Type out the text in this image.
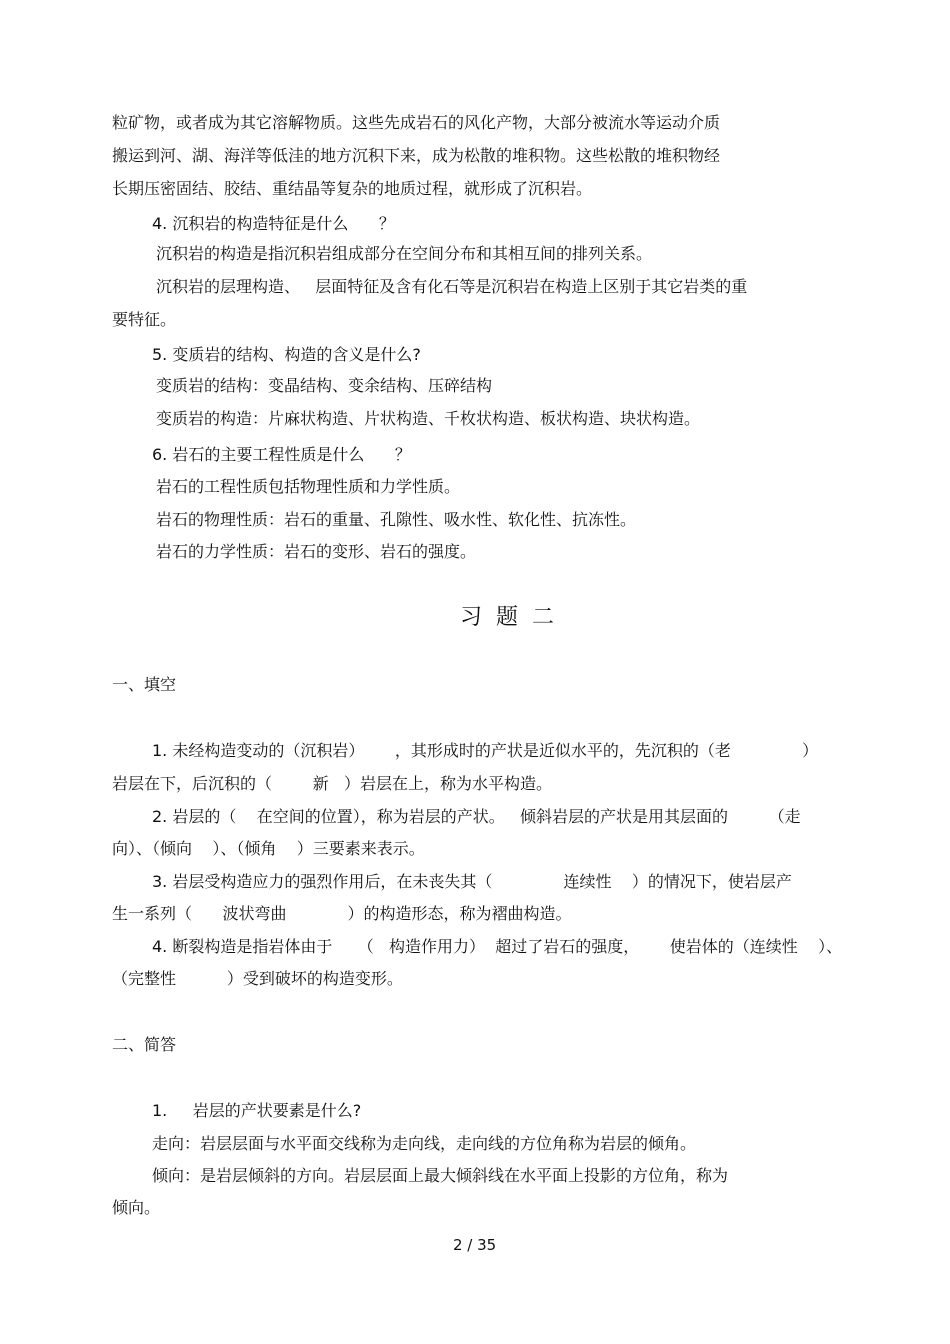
粒矿物，或者成为其它溶解物质。这些先成岩石的风化产物，大部分被流水等运动介质
搬运到河、湖、海洋等低洼的地方沉积下来，成为松散的堆积物。这些松散的堆积物经
长期压密固结、胶结、重结晶等复杂的地质过程，就形成了沉积岩。
4. 沉积岩的构造特征是什么      ？
沉积岩的构造是指沉积岩组成部分在空间分布和其相互间的排列关系。
沉积岩的层理构造、   层面特征及含有化石等是沉积岩在构造上区别于其它岩类的重
要特征。
5. 变质岩的结构、构造的含义是什么?
变质岩的结构：变晶结构、变余结构、压碎结构
变质岩的构造：片麻状构造、片状构造、千枚状构造、板状构造、块状构造。
6. 岩石的主要工程性质是什么      ？
岩石的工程性质包括物理性质和力学性质。
岩石的物理性质：岩石的重量、孔隙性、吸水性、软化性、抗冻性。
岩石的力学性质：岩石的变形、岩石的强度。
习题二
一、填空
1. 未经构造变动的（沉积岩）      ，其形成时的产状是近似水平的，先沉积的（老              ）
岩层在下，后沉积的（        新   ）岩层在上，称为水平构造。
2. 岩层的（    在空间的位置），称为岩层的产状。   倾斜岩层的产状是用其层面的        （走
向）、（倾向    ）、（倾角    ）三要素来表示。
3. 岩层受构造应力的强烈作用后，在未丧失其（              连续性    ）的情况下，使岩层产
生一系列（      波状弯曲            ）的构造形态，称为褶曲构造。
4. 断裂构造是指岩体由于     （   构造作用力）  超过了岩石的强度，      使岩体的（连续性    ）、
（完整性          ）受到破坏的构造变形。
二、简答
1.     岩层的产状要素是什么?
走向：岩层层面与水平面交线称为走向线，走向线的方位角称为岩层的倾角。
倾向：是岩层倾斜的方向。岩层层面上最大倾斜线在水平面上投影的方位角，称为
倾向。
2 / 35
